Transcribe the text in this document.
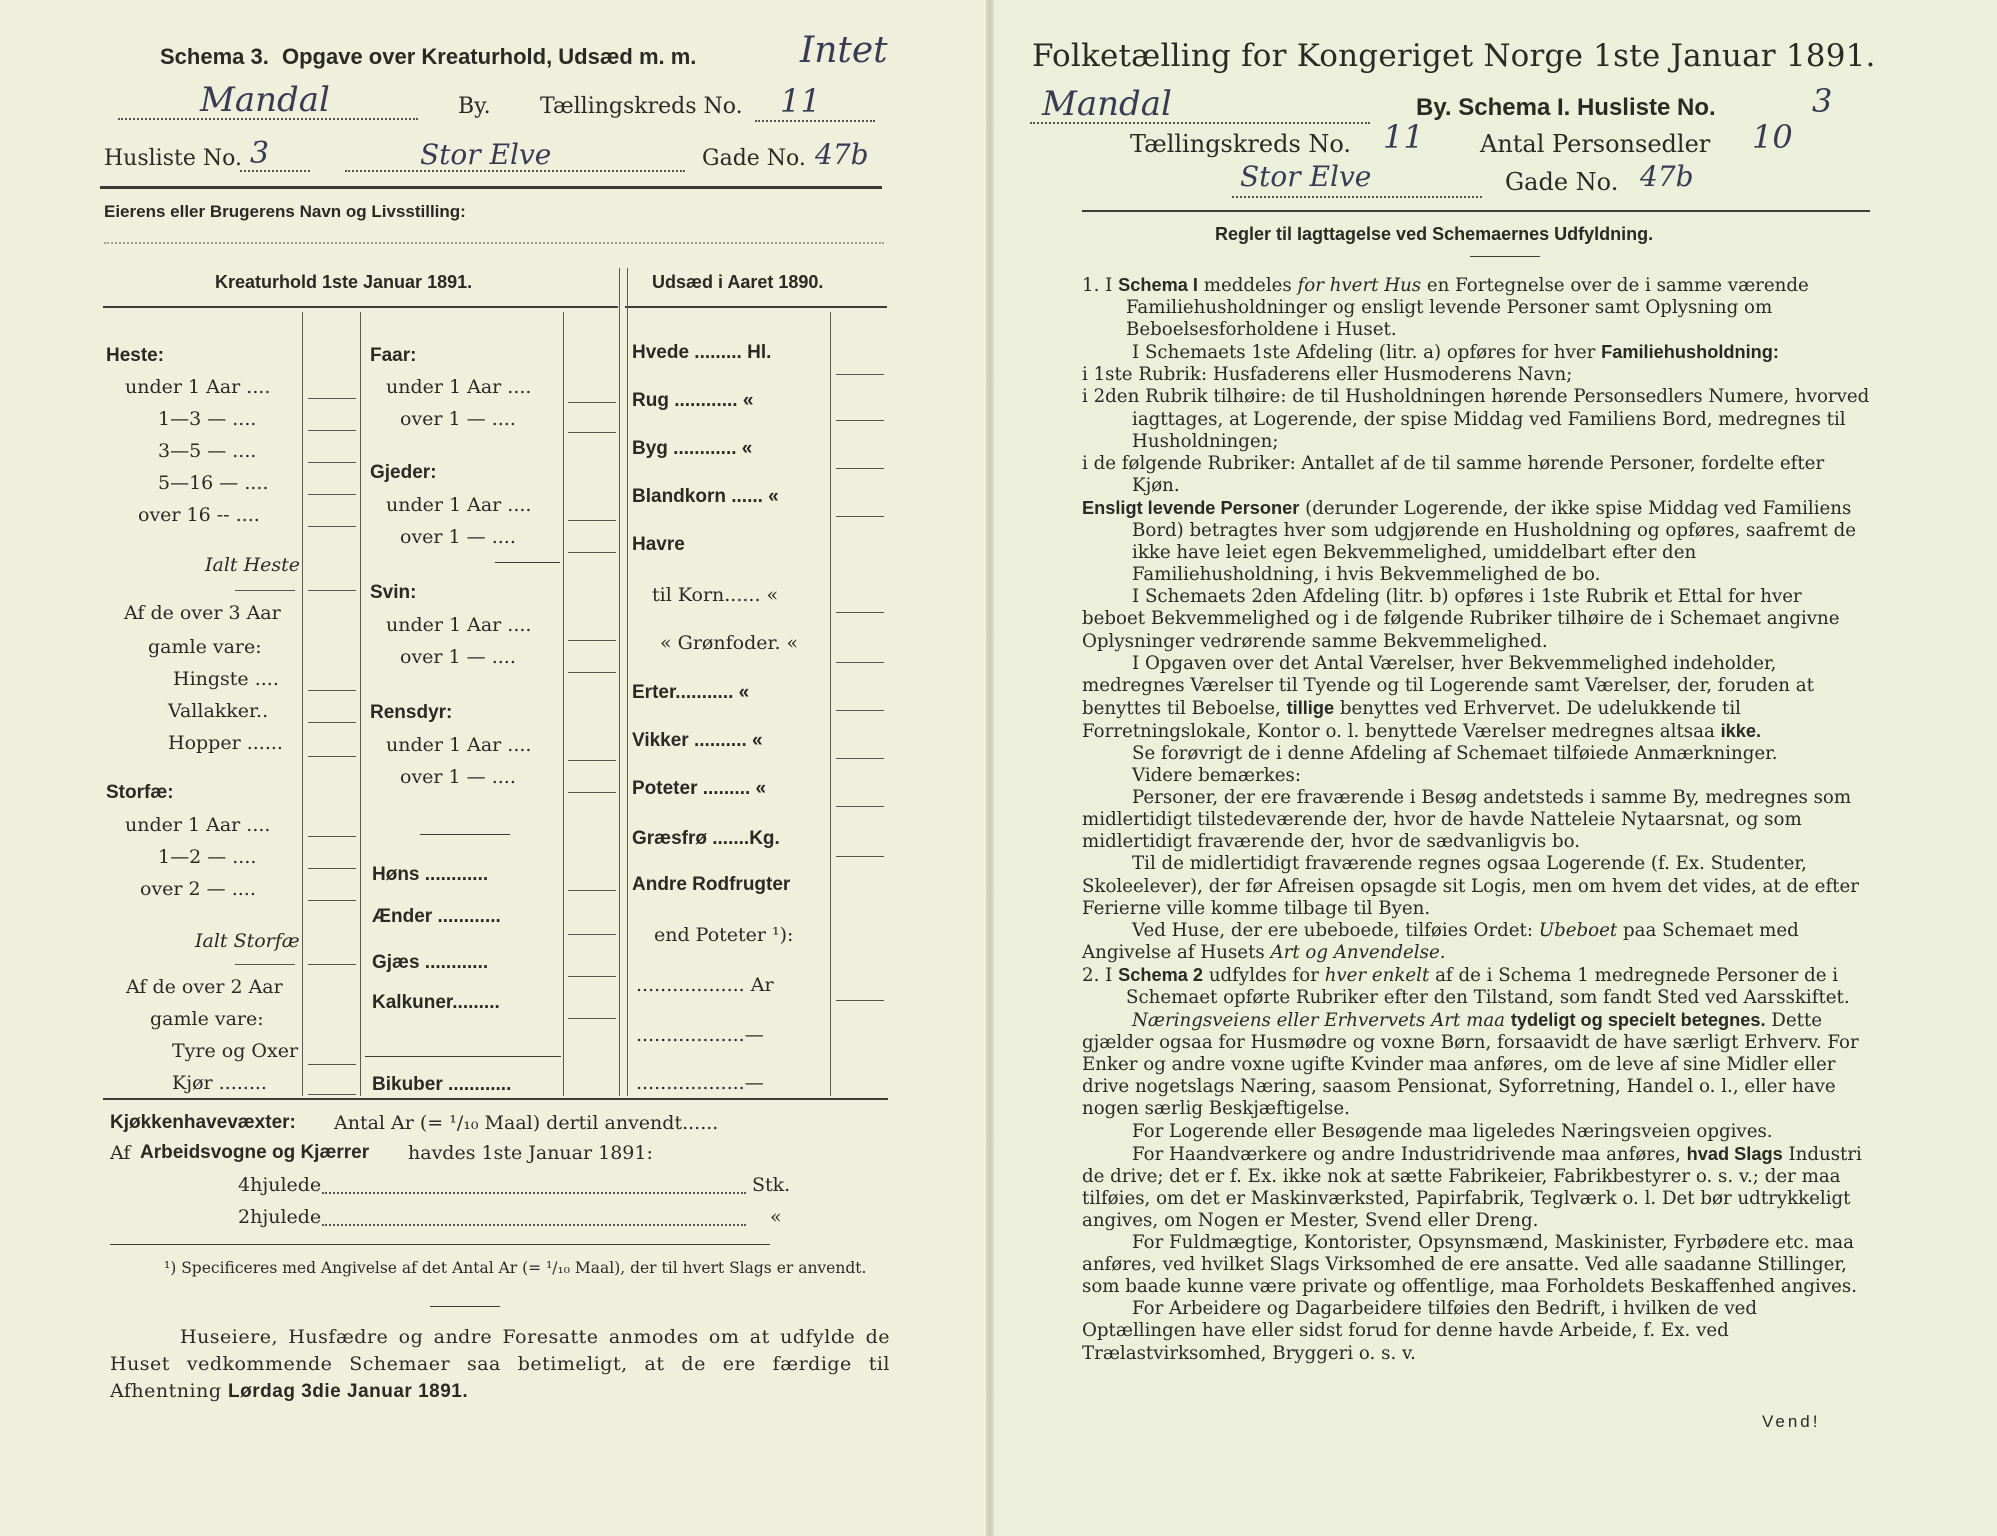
Schema 3. Opgave over Kreaturhold, Udsæd m. m.	Intet
Mandal	By. Tællingskreds No. 11
Husliste No. 3	Stor Elve	Gade No. 47b
Eierens eller Brugerens Navn og Livsstilling:
Kreaturhold 1ste Januar 1891.	Udsæd i Aaret 1890.
Heste:
under 1 Aar ....
1—3 — ....
3—5 — ....
5—16 — ....
over 16 -- ....
Ialt Heste
Af de over 3 Aar
gamle vare:
Hingste ....
Vallakker..
Hopper ......
Storfæ:
under 1 Aar ....
1—2 — ....
over 2 — ....
Ialt Storfæ
Af de over 2 Aar
gamle vare:
Tyre og Oxer
Kjør ........
Faar:
under 1 Aar ....
over 1 — ....
Gjeder:
under 1 Aar ....
over 1 — ....
Svin:
under 1 Aar ....
over 1 — ....
Rensdyr:
under 1 Aar ....
over 1 — ....
Høns ............
Ænder ............
Gjæs ............
Kalkuner.........
Bikuber ............
Hvede ......... Hl.
Rug ............ «
Byg ............ «
Blandkorn ...... «
Havre
til Korn...... «
« Grønfoder. «
Erter........... «
Vikker .......... «
Poteter ......... «
Græsfrø .......Kg.
Andre Rodfrugter
end Poteter ¹):
.................. Ar
..................—
..................—
Kjøkkenhavevæxter: Antal Ar (= ¹/₁₀ Maal) dertil anvendt......
Af Arbeidsvogne og Kjærrer havdes 1ste Januar 1891:
4hjulede	Stk.
2hjulede	«
¹) Specificeres med Angivelse af det Antal Ar (= ¹/₁₀ Maal), der til hvert Slags er anvendt.
Huseiere, Husfædre og andre Foresatte anmodes om at udfylde de Huset vedkommende Schemaer saa betimeligt, at de ere færdige til Afhentning Lørdag 3die Januar 1891.
Folketælling for Kongeriget Norge 1ste Januar 1891.
Mandal	By. Schema I. Husliste No.	3
Tællingskreds No. 11 Antal Personsedler 10
Stor Elve	Gade No. 47b
Regler til Iagttagelse ved Schemaernes Udfyldning.

1. I Schema I meddeles for hvert Hus en Fortegnelse over de i samme værende Familiehusholdninger og ensligt levende Personer samt Oplysning om Beboelsesforholdene i Huset.

I Schemaets 1ste Afdeling (litr. a) opføres for hver Familiehusholdning:

i 1ste Rubrik: Husfaderens eller Husmoderens Navn;

i 2den Rubrik tilhøire: de til Husholdningen hørende Personsedlers Numere, hvorved iagttages, at Logerende, der spise Middag ved Familiens Bord, medregnes til Husholdningen;

i de følgende Rubriker: Antallet af de til samme hørende Personer, fordelte efter Kjøn.

Ensligt levende Personer (derunder Logerende, der ikke spise Middag ved Familiens Bord) betragtes hver som udgjørende en Husholdning og opføres, saafremt de ikke have leiet egen Bekvemmelighed, umiddelbart efter den Familiehusholdning, i hvis Bekvemmelighed de bo.

I Schemaets 2den Afdeling (litr. b) opføres i 1ste Rubrik et Ettal for hver beboet Bekvemmelighed og i de følgende Rubriker tilhøire de i Schemaet angivne Oplysninger vedrørende samme Bekvemmelighed.

I Opgaven over det Antal Værelser, hver Bekvemmelighed indeholder, medregnes Værelser til Tyende og til Logerende samt Værelser, der, foruden at benyttes til Beboelse, tillige benyttes ved Erhvervet. De udelukkende til Forretningslokale, Kontor o. l. benyttede Værelser medregnes altsaa ikke.

Se forøvrigt de i denne Afdeling af Schemaet tilføiede Anmærkninger.

Videre bemærkes:

Personer, der ere fraværende i Besøg andetsteds i samme By, medregnes som midlertidigt tilstedeværende der, hvor de havde Natteleie Nytaarsnat, og som midlertidigt fraværende der, hvor de sædvanligvis bo.

Til de midlertidigt fraværende regnes ogsaa Logerende (f. Ex. Studenter, Skoleelever), der før Afreisen opsagde sit Logis, men om hvem det vides, at de efter Ferierne ville komme tilbage til Byen.

Ved Huse, der ere ubeboede, tilføies Ordet: Ubeboet paa Schemaet med Angivelse af Husets Art og Anvendelse.

2. I Schema 2 udfyldes for hver enkelt af de i Schema 1 medregnede Personer de i Schemaet opførte Rubriker efter den Tilstand, som fandt Sted ved Aarsskiftet.

Næringsveiens eller Erhvervets Art maa tydeligt og specielt betegnes. Dette gjælder ogsaa for Husmødre og voxne Børn, forsaavidt de have særligt Erhverv. For Enker og andre voxne ugifte Kvinder maa anføres, om de leve af sine Midler eller drive nogetslags Næring, saasom Pensionat, Syforretning, Handel o. l., eller have nogen særlig Beskjæftigelse.

For Logerende eller Besøgende maa ligeledes Næringsveien opgives.

For Haandværkere og andre Industridrivende maa anføres, hvad Slags Industri de drive; det er f. Ex. ikke nok at sætte Fabrikeier, Fabrikbestyrer o. s. v.; der maa tilføies, om det er Maskinværksted, Papirfabrik, Teglværk o. l. Det bør udtrykkeligt angives, om Nogen er Mester, Svend eller Dreng.

For Fuldmægtige, Kontorister, Opsynsmænd, Maskinister, Fyrbødere etc. maa anføres, ved hvilket Slags Virksomhed de ere ansatte. Ved alle saadanne Stillinger, som baade kunne være private og offentlige, maa Forholdets Beskaffenhed angives.

For Arbeidere og Dagarbeidere tilføies den Bedrift, i hvilken de ved Optællingen have eller sidst forud for denne havde Arbeide, f. Ex. ved Trælastvirksomhed, Bryggeri o. s. v.

Vend!
